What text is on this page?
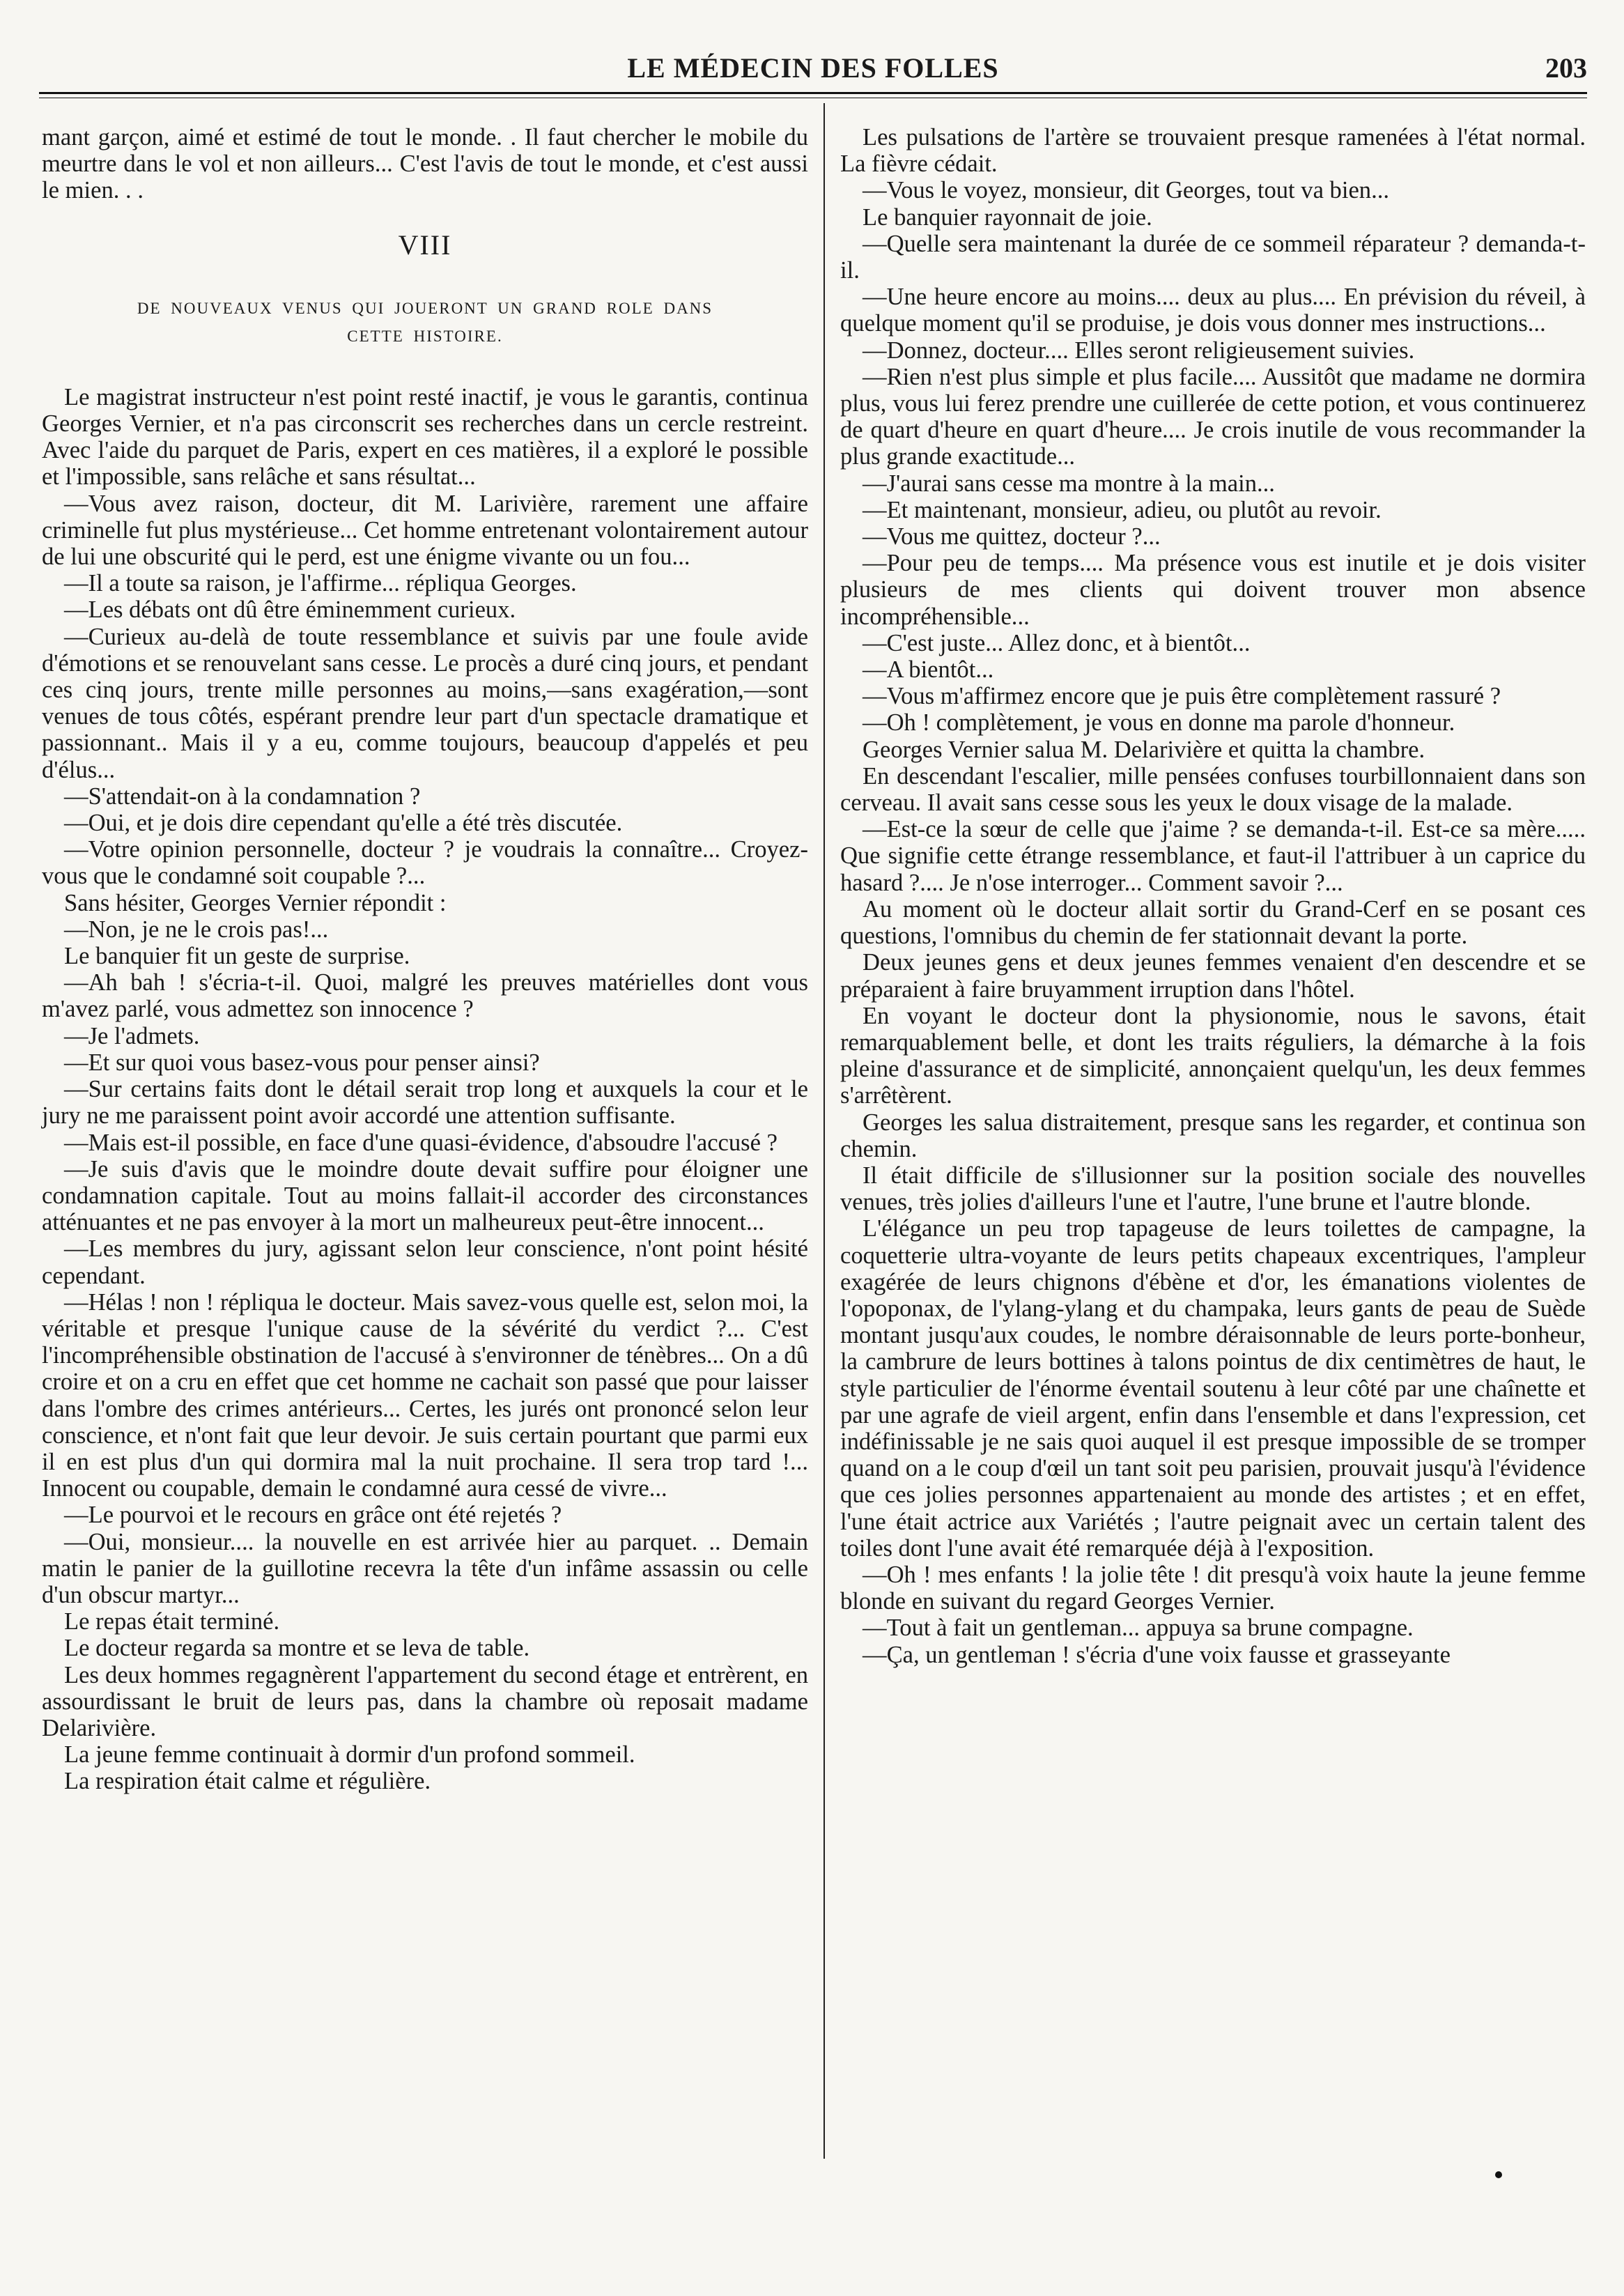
LE MÉDECIN DES FOLLES	203

mant garçon, aimé et estimé de tout le monde. . Il faut chercher le mobile du meurtre dans le vol et non ailleurs... C'est l'avis de tout le monde, et c'est aussi le mien. . .

VIII
DE NOUVEAUX VENUS QUI JOUERONT UN GRAND ROLE DANS
CETTE HISTOIRE.

Le magistrat instructeur n'est point resté inactif, je vous le garantis, continua Georges Vernier, et n'a pas circonscrit ses recherches dans un cercle restreint. Avec l'aide du parquet de Paris, expert en ces matières, il a exploré le possible et l'impossible, sans relâche et sans résultat...

—Vous avez raison, docteur, dit M. Larivière, rarement une affaire criminelle fut plus mystérieuse... Cet homme entretenant volontairement autour de lui une obscurité qui le perd, est une énigme vivante ou un fou...

—Il a toute sa raison, je l'affirme... répliqua Georges.

—Les débats ont dû être éminemment curieux.

—Curieux au-delà de toute ressemblance et suivis par une foule avide d'émotions et se renouvelant sans cesse. Le procès a duré cinq jours, et pendant ces cinq jours, trente mille personnes au moins,—sans exagération,—sont venues de tous côtés, espérant prendre leur part d'un spectacle dramatique et passionnant.. Mais il y a eu, comme toujours, beaucoup d'appelés et peu d'élus...

—S'attendait-on à la condamnation ?

—Oui, et je dois dire cependant qu'elle a été très discutée.

—Votre opinion personnelle, docteur ? je voudrais la connaître... Croyez-vous que le condamné soit coupable ?...

Sans hésiter, Georges Vernier répondit :

—Non, je ne le crois pas!...

Le banquier fit un geste de surprise.

—Ah bah ! s'écria-t-il. Quoi, malgré les preuves matérielles dont vous m'avez parlé, vous admettez son innocence ?

—Je l'admets.

—Et sur quoi vous basez-vous pour penser ainsi?

—Sur certains faits dont le détail serait trop long et auxquels la cour et le jury ne me paraissent point avoir accordé une attention suffisante.

—Mais est-il possible, en face d'une quasi-évidence, d'absoudre l'accusé ?

—Je suis d'avis que le moindre doute devait suffire pour éloigner une condamnation capitale. Tout au moins fallait-il accorder des circonstances atténuantes et ne pas envoyer à la mort un malheureux peut-être innocent...

—Les membres du jury, agissant selon leur conscience, n'ont point hésité cependant.

—Hélas ! non ! répliqua le docteur. Mais savez-vous quelle est, selon moi, la véritable et presque l'unique cause de la sévérité du verdict ?... C'est l'incompréhensible obstination de l'accusé à s'environner de ténèbres... On a dû croire et on a cru en effet que cet homme ne cachait son passé que pour laisser dans l'ombre des crimes antérieurs... Certes, les jurés ont prononcé selon leur conscience, et n'ont fait que leur devoir. Je suis certain pourtant que parmi eux il en est plus d'un qui dormira mal la nuit prochaine. Il sera trop tard !... Innocent ou coupable, demain le condamné aura cessé de vivre...

—Le pourvoi et le recours en grâce ont été rejetés ?

—Oui, monsieur.... la nouvelle en est arrivée hier au parquet. .. Demain matin le panier de la guillotine recevra la tête d'un infâme assassin ou celle d'un obscur martyr...

Le repas était terminé.

Le docteur regarda sa montre et se leva de table.

Les deux hommes regagnèrent l'appartement du second étage et entrèrent, en assourdissant le bruit de leurs pas, dans la chambre où reposait madame Delarivière.

La jeune femme continuait à dormir d'un profond sommeil.

La respiration était calme et régulière.

Les pulsations de l'artère se trouvaient presque ramenées à l'état normal. La fièvre cédait.

—Vous le voyez, monsieur, dit Georges, tout va bien...

Le banquier rayonnait de joie.

—Quelle sera maintenant la durée de ce sommeil réparateur ? demanda-t-il.

—Une heure encore au moins.... deux au plus.... En prévision du réveil, à quelque moment qu'il se produise, je dois vous donner mes instructions...

—Donnez, docteur.... Elles seront religieusement suivies.

—Rien n'est plus simple et plus facile.... Aussitôt que madame ne dormira plus, vous lui ferez prendre une cuillerée de cette potion, et vous continuerez de quart d'heure en quart d'heure.... Je crois inutile de vous recommander la plus grande exactitude...

—J'aurai sans cesse ma montre à la main...

—Et maintenant, monsieur, adieu, ou plutôt au revoir.

—Vous me quittez, docteur ?...

—Pour peu de temps.... Ma présence vous est inutile et je dois visiter plusieurs de mes clients qui doivent trouver mon absence incompréhensible...

—C'est juste... Allez donc, et à bientôt...

—A bientôt...

—Vous m'affirmez encore que je puis être complètement rassuré ?

—Oh ! complètement, je vous en donne ma parole d'honneur.

Georges Vernier salua M. Delarivière et quitta la chambre.

En descendant l'escalier, mille pensées confuses tourbillonnaient dans son cerveau. Il avait sans cesse sous les yeux le doux visage de la malade.

—Est-ce la sœur de celle que j'aime ? se demanda-t-il. Est-ce sa mère..... Que signifie cette étrange ressemblance, et faut-il l'attribuer à un caprice du hasard ?.... Je n'ose interroger... Comment savoir ?...

Au moment où le docteur allait sortir du Grand-Cerf en se posant ces questions, l'omnibus du chemin de fer stationnait devant la porte.

Deux jeunes gens et deux jeunes femmes venaient d'en descendre et se préparaient à faire bruyamment irruption dans l'hôtel.

En voyant le docteur dont la physionomie, nous le savons, était remarquablement belle, et dont les traits réguliers, la démarche à la fois pleine d'assurance et de simplicité, annonçaient quelqu'un, les deux femmes s'arrêtèrent.

Georges les salua distraitement, presque sans les regarder, et continua son chemin.

Il était difficile de s'illusionner sur la position sociale des nouvelles venues, très jolies d'ailleurs l'une et l'autre, l'une brune et l'autre blonde.

L'élégance un peu trop tapageuse de leurs toilettes de campagne, la coquetterie ultra-voyante de leurs petits chapeaux excentriques, l'ampleur exagérée de leurs chignons d'ébène et d'or, les émanations violentes de l'opoponax, de l'ylang-ylang et du champaka, leurs gants de peau de Suède montant jusqu'aux coudes, le nombre déraisonnable de leurs porte-bonheur, la cambrure de leurs bottines à talons pointus de dix centimètres de haut, le style particulier de l'énorme éventail soutenu à leur côté par une chaînette et par une agrafe de vieil argent, enfin dans l'ensemble et dans l'expression, cet indéfinissable je ne sais quoi auquel il est presque impossible de se tromper quand on a le coup d'œil un tant soit peu parisien, prouvait jusqu'à l'évidence que ces jolies personnes appartenaient au monde des artistes ; et en effet, l'une était actrice aux Variétés ; l'autre peignait avec un certain talent des toiles dont l'une avait été remarquée déjà à l'exposition.

—Oh ! mes enfants ! la jolie tête ! dit presqu'à voix haute la jeune femme blonde en suivant du regard Georges Vernier.

—Tout à fait un gentleman... appuya sa brune compagne.

—Ça, un gentleman ! s'écria d'une voix fausse et grasseyante
